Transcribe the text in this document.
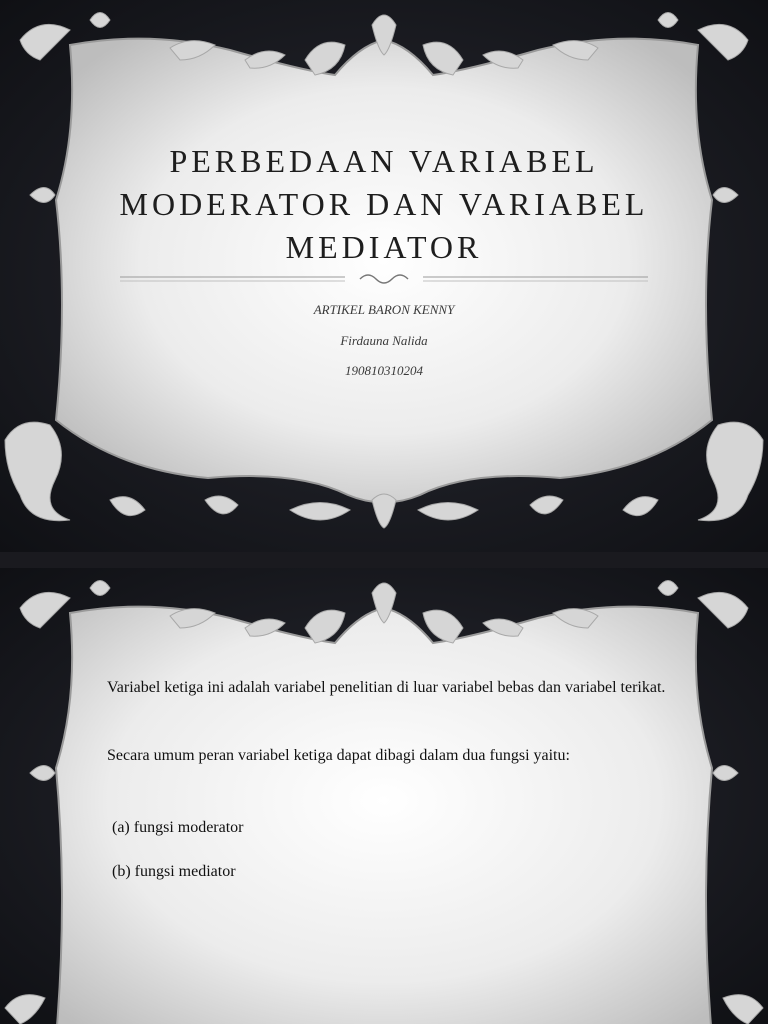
PERBEDAAN VARIABEL MODERATOR DAN VARIABEL MEDIATOR
ARTIKEL BARON KENNY
Firdauna Nalida
190810310204
Variabel ketiga ini adalah variabel penelitian di luar variabel bebas dan variabel terikat.
Secara umum peran variabel ketiga dapat dibagi dalam dua fungsi yaitu:
(a) fungsi moderator
(b) fungsi mediator
